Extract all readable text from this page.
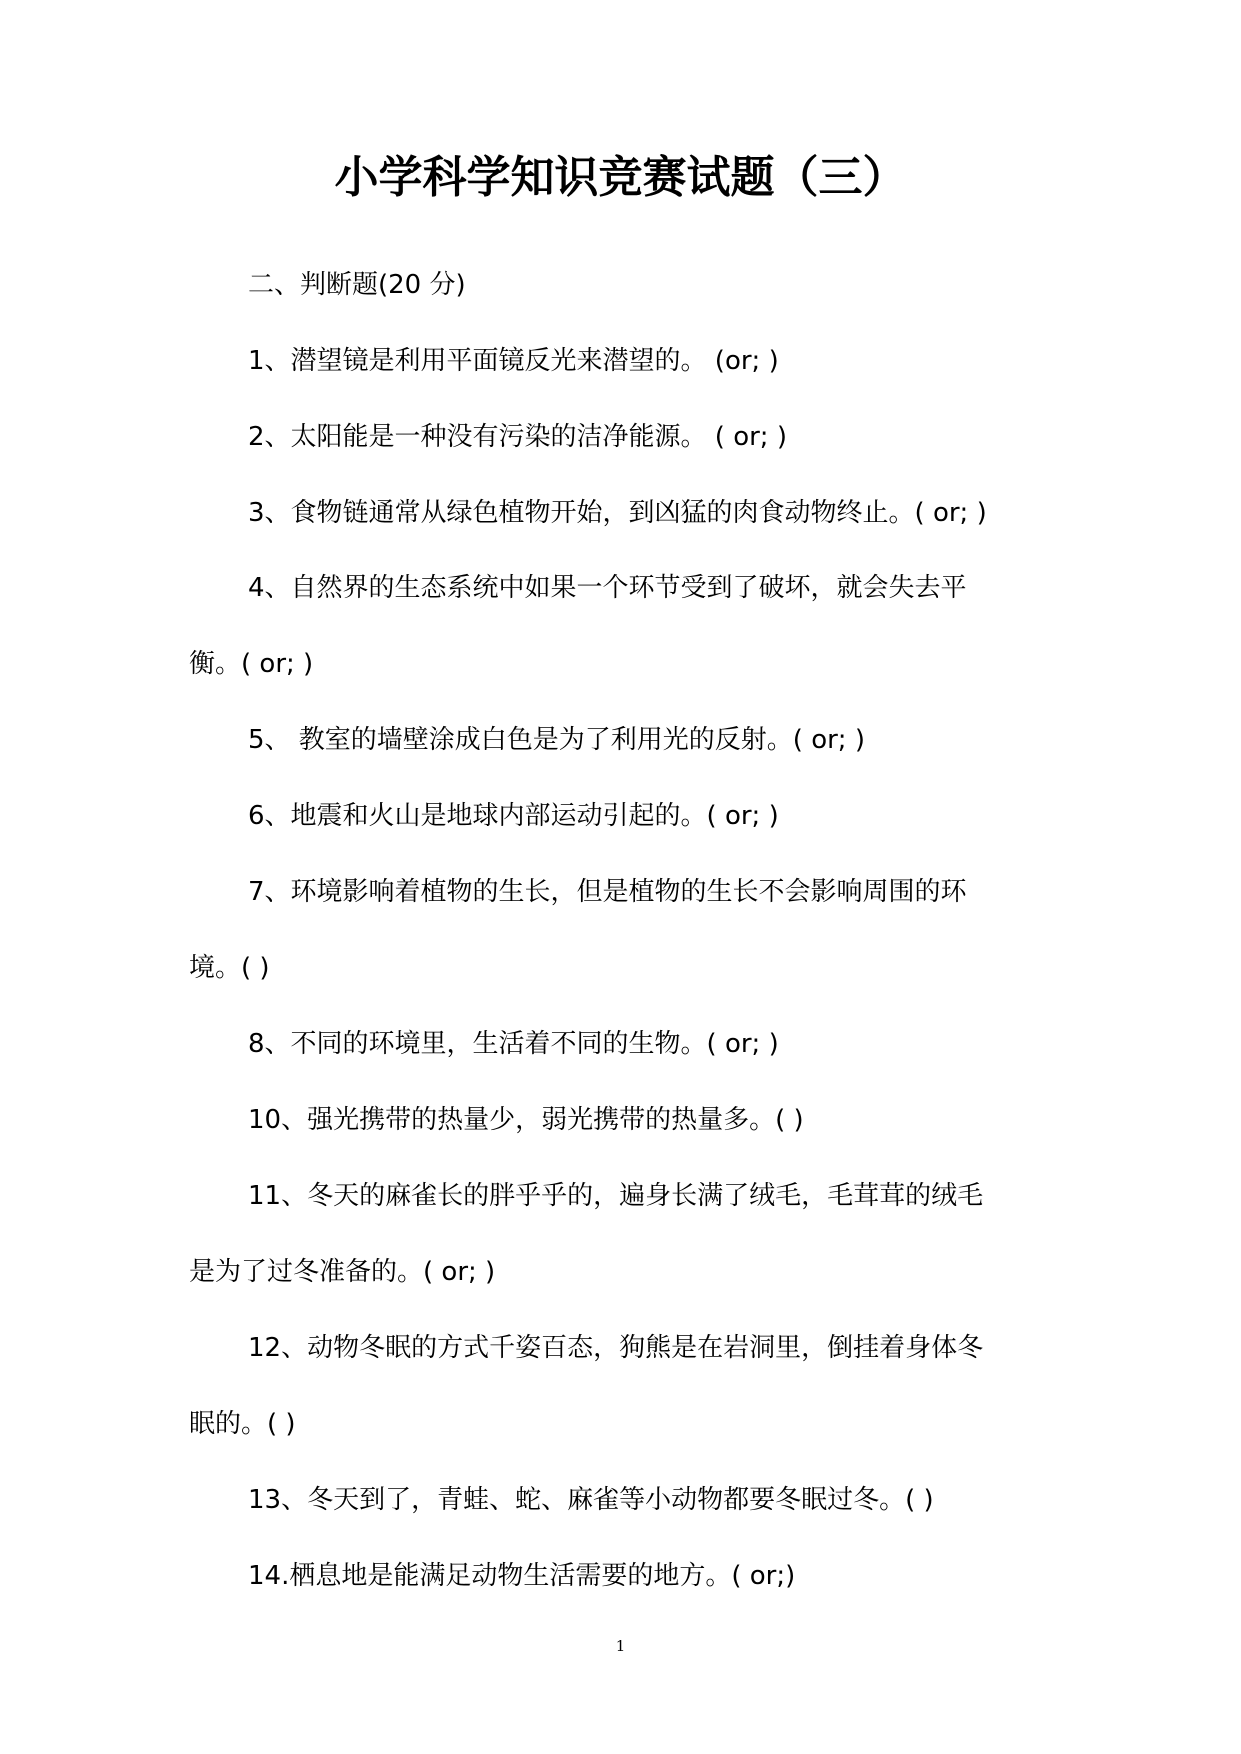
小学科学知识竞赛试题（三）
二、判断题(20 分)
1、潜望镜是利用平面镜反光来潜望的。 (or; )
2、太阳能是一种没有污染的洁净能源。 ( or; )
3、食物链通常从绿色植物开始，到凶猛的肉食动物终止。( or; )
4、自然界的生态系统中如果一个环节受到了破坏，就会失去平
衡。( or; )
5、 教室的墙壁涂成白色是为了利用光的反射。( or; )
6、地震和火山是地球内部运动引起的。( or; )
7、环境影响着植物的生长，但是植物的生长不会影响周围的环
境。( )
8、不同的环境里，生活着不同的生物。( or; )
10、强光携带的热量少，弱光携带的热量多。( )
11、冬天的麻雀长的胖乎乎的，遍身长满了绒毛，毛茸茸的绒毛
是为了过冬准备的。( or; )
12、动物冬眠的方式千姿百态，狗熊是在岩洞里，倒挂着身体冬
眠的。( )
13、冬天到了，青蛙、蛇、麻雀等小动物都要冬眠过冬。( )
14.栖息地是能满足动物生活需要的地方。( or;)
1
